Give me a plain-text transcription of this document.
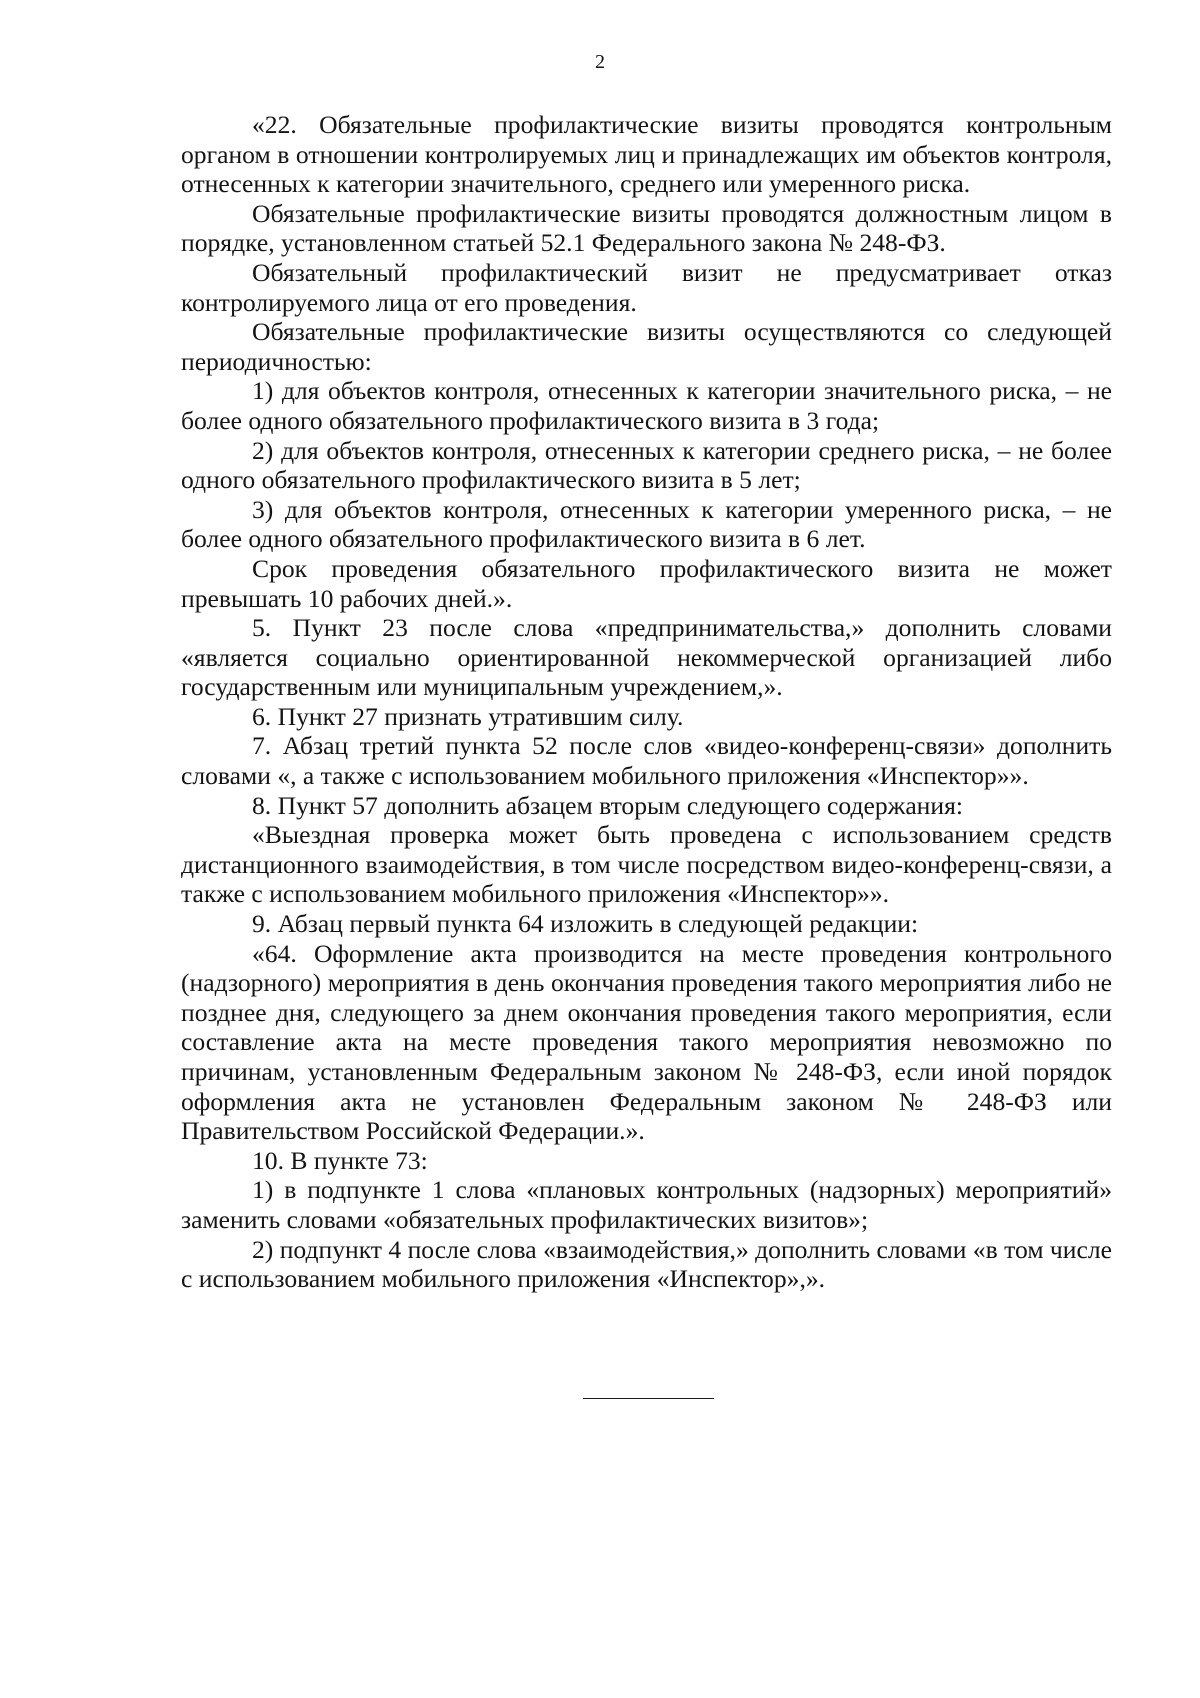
2

«22. Обязательные профилактические визиты проводятся контрольным органом в отношении контролируемых лиц и принадлежащих им объектов контроля, отнесенных к категории значительного, среднего или умеренного риска.

Обязательные профилактические визиты проводятся должностным лицом в порядке, установленном статьей 52.1 Федерального закона № 248-ФЗ.

Обязательный профилактический визит не предусматривает отказ контролируемого лица от его проведения.

Обязательные профилактические визиты осуществляются со следующей периодичностью:

1) для объектов контроля, отнесенных к категории значительного риска, – не более одного обязательного профилактического визита в 3 года;

2) для объектов контроля, отнесенных к категории среднего риска, – не более одного обязательного профилактического визита в 5 лет;

3) для объектов контроля, отнесенных к категории умеренного риска, – не более одного обязательного профилактического визита в 6 лет.

Срок проведения обязательного профилактического визита не может превышать 10 рабочих дней.».

5. Пункт 23 после слова «предпринимательства,» дополнить словами «является социально ориентированной некоммерческой организацией либо государственным или муниципальным учреждением,».

6. Пункт 27 признать утратившим силу.

7. Абзац третий пункта 52 после слов «видео-конференц-связи» дополнить словами «, а также с использованием мобильного приложения «Инспектор»».

8. Пункт 57 дополнить абзацем вторым следующего содержания:

«Выездная проверка может быть проведена с использованием средств дистанционного взаимодействия, в том числе посредством видео-конференц-связи, а также с использованием мобильного приложения «Инспектор»».

9. Абзац первый пункта 64 изложить в следующей редакции:

«64. Оформление акта производится на месте проведения контрольного (надзорного) мероприятия в день окончания проведения такого мероприятия либо не позднее дня, следующего за днем окончания проведения такого мероприятия, если составление акта на месте проведения такого мероприятия невозможно по причинам, установленным Федеральным законом № 248-ФЗ, если иной порядок оформления акта не установлен Федеральным законом № 248-ФЗ или Правительством Российской Федерации.».

10. В пункте 73:

1) в подпункте 1 слова «плановых контрольных (надзорных) мероприятий» заменить словами «обязательных профилактических визитов»;

2) подпункт 4 после слова «взаимодействия,» дополнить словами «в том числе с использованием мобильного приложения «Инспектор»,».
